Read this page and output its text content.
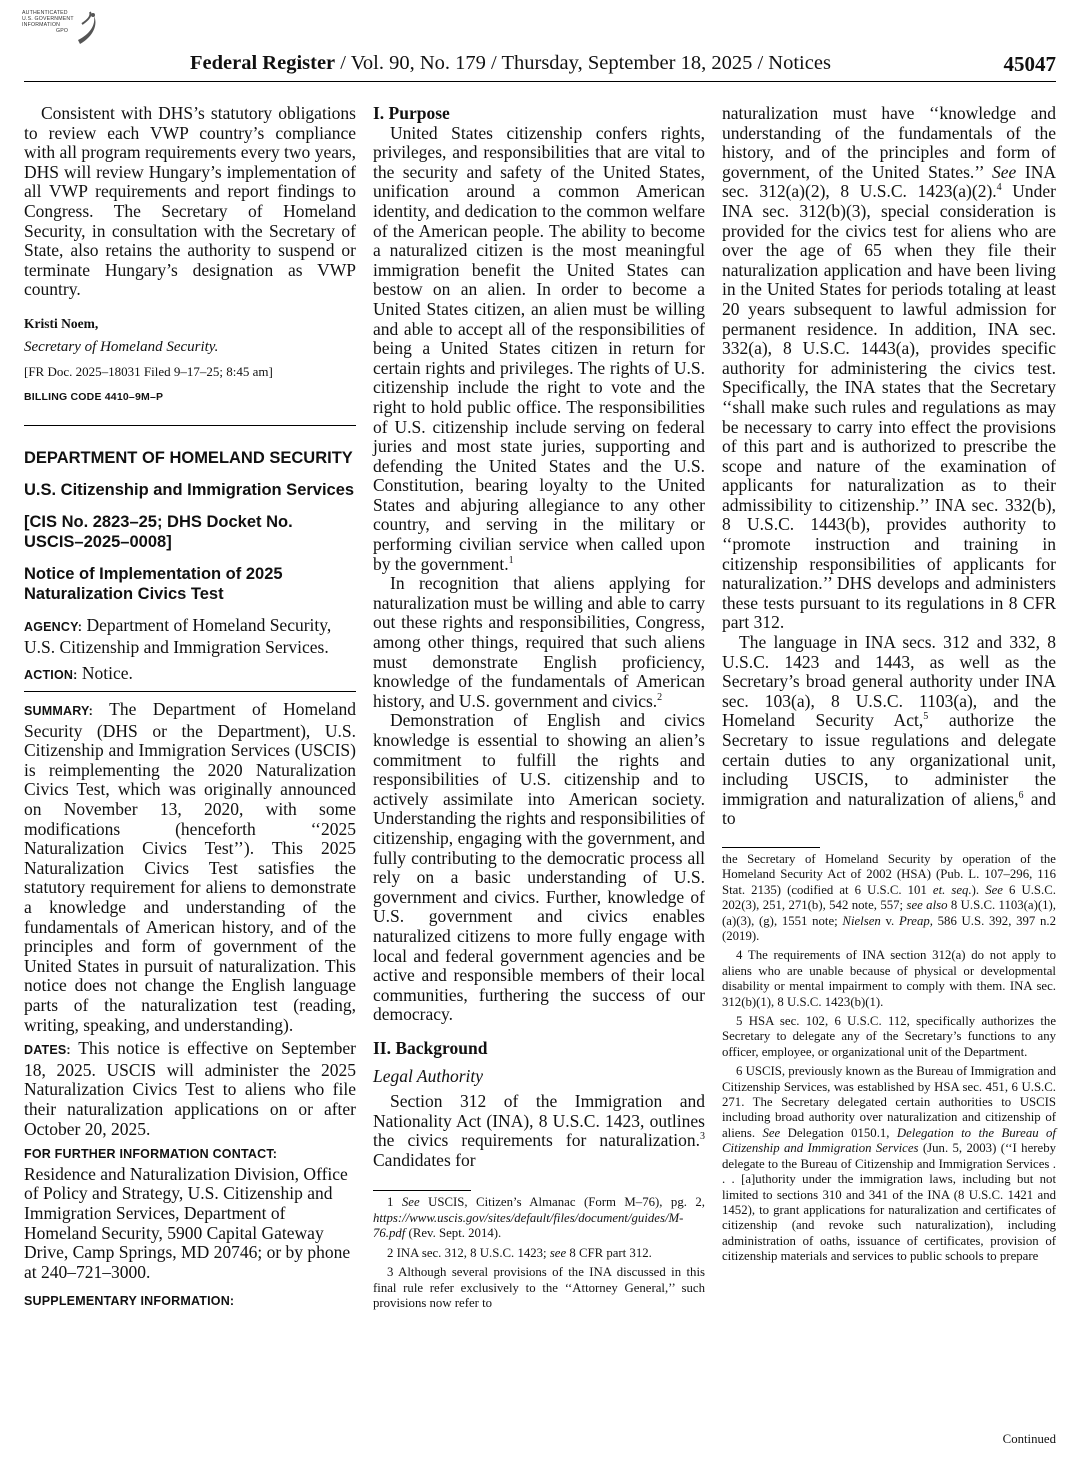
AUTHENTICATED
U.S. GOVERNMENT
INFORMATION
GPO
Federal Register / Vol. 90, No. 179 / Thursday, September 18, 2025 / Notices	45047

Consistent with DHS’s statutory obligations to review each VWP country’s compliance with all program requirements every two years, DHS will review Hungary’s implementation of all VWP requirements and report findings to Congress. The Secretary of Homeland Security, in consultation with the Secretary of State, also retains the authority to suspend or terminate Hungary’s designation as VWP country.

Kristi Noem,
Secretary of Homeland Security.
[FR Doc. 2025–18031 Filed 9–17–25; 8:45 am]
BILLING CODE 4410–9M–P
DEPARTMENT OF HOMELAND SECURITY
U.S. Citizenship and Immigration Services
[CIS No. 2823–25; DHS Docket No. USCIS–2025–0008]
Notice of Implementation of 2025 Naturalization Civics Test

AGENCY: Department of Homeland Security, U.S. Citizenship and Immigration Services.

ACTION: Notice.

SUMMARY: The Department of Homeland Security (DHS or the Department), U.S. Citizenship and Immigration Services (USCIS) is reimplementing the 2020 Naturalization Civics Test, which was originally announced on November 13, 2020, with some modifications (henceforth ‘‘2025 Naturalization Civics Test’’). This 2025 Naturalization Civics Test satisfies the statutory requirement for aliens to demonstrate a knowledge and understanding of the fundamentals of American history, and of the principles and form of government of the United States in pursuit of naturalization. This notice does not change the English language parts of the naturalization test (reading, writing, speaking, and understanding).

DATES: This notice is effective on September 18, 2025. USCIS will administer the 2025 Naturalization Civics Test to aliens who file their naturalization applications on or after October 20, 2025.

FOR FURTHER INFORMATION CONTACT:

Residence and Naturalization Division, Office of Policy and Strategy, U.S. Citizenship and Immigration Services, Department of Homeland Security, 5900 Capital Gateway Drive, Camp Springs, MD 20746; or by phone at 240–721–3000.

SUPPLEMENTARY INFORMATION:
I. Purpose

United States citizenship confers rights, privileges, and responsibilities that are vital to the security and safety of the United States, unification around a common American identity, and dedication to the common welfare of the American people. The ability to become a naturalized citizen is the most meaningful immigration benefit the United States can bestow on an alien. In order to become a United States citizen, an alien must be willing and able to accept all of the responsibilities of being a United States citizen in return for certain rights and privileges. The rights of U.S. citizenship include the right to vote and the right to hold public office. The responsibilities of U.S. citizenship include serving on federal juries and most state juries, supporting and defending the United States and the U.S. Constitution, bearing loyalty to the United States and abjuring allegiance to any other country, and serving in the military or performing civilian service when called upon by the government.$^1$

In recognition that aliens applying for naturalization must be willing and able to carry out these rights and responsibilities, Congress, among other things, required that such aliens must demonstrate English proficiency, knowledge of the fundamentals of American history, and U.S. government and civics.$^2$

Demonstration of English and civics knowledge is essential to showing an alien’s commitment to fulfill the rights and responsibilities of U.S. citizenship and to actively assimilate into American society. Understanding the rights and responsibilities of citizenship, engaging with the government, and fully contributing to the democratic process all rely on a basic understanding of U.S. government and civics. Further, knowledge of U.S. government and civics enables naturalized citizens to more fully engage with local and federal government agencies and be active and responsible members of their local communities, furthering the success of our democracy.

II. Background
Legal Authority

Section 312 of the Immigration and Nationality Act (INA), 8 U.S.C. 1423, outlines the civics requirements for naturalization.$^3$ Candidates for

1 See USCIS, Citizen’s Almanac (Form M–76), pg. 2, https://www.uscis.gov/sites/default/files/document/guides/M-76.pdf (Rev. Sept. 2014).

2 INA sec. 312, 8 U.S.C. 1423; see 8 CFR part 312.

3 Although several provisions of the INA discussed in this final rule refer exclusively to the ‘‘Attorney General,’’ such provisions now refer to

naturalization must have ‘‘knowledge and understanding of the fundamentals of the history, and of the principles and form of government, of the United States.’’ See INA sec. 312(a)(2), 8 U.S.C. 1423(a)(2).$^4$ Under INA sec. 312(b)(3), special consideration is provided for the civics test for aliens who are over the age of 65 when they file their naturalization application and have been living in the United States for periods totaling at least 20 years subsequent to lawful admission for permanent residence. In addition, INA sec. 332(a), 8 U.S.C. 1443(a), provides specific authority for administering the civics test. Specifically, the INA states that the Secretary ‘‘shall make such rules and regulations as may be necessary to carry into effect the provisions of this part and is authorized to prescribe the scope and nature of the examination of applicants for naturalization as to their admissibility to citizenship.’’ INA sec. 332(b), 8 U.S.C. 1443(b), provides authority to ‘‘promote instruction and training in citizenship responsibilities of applicants for naturalization.’’ DHS develops and administers these tests pursuant to its regulations in 8 CFR part 312.

The language in INA secs. 312 and 332, 8 U.S.C. 1423 and 1443, as well as the Secretary’s broad general authority under INA sec. 103(a), 8 U.S.C. 1103(a), and the Homeland Security Act,$^5$ authorize the Secretary to issue regulations and delegate certain duties to any organizational unit, including USCIS, to administer the immigration and naturalization of aliens,$^6$ and to

the Secretary of Homeland Security by operation of the Homeland Security Act of 2002 (HSA) (Pub. L. 107–296, 116 Stat. 2135) (codified at 6 U.S.C. 101 et. seq.). See 6 U.S.C. 202(3), 251, 271(b), 542 note, 557; see also 8 U.S.C. 1103(a)(1), (a)(3), (g), 1551 note; Nielsen v. Preap, 586 U.S. 392, 397 n.2 (2019).

4 The requirements of INA section 312(a) do not apply to aliens who are unable because of physical or developmental disability or mental impairment to comply with them. INA sec. 312(b)(1), 8 U.S.C. 1423(b)(1).

5 HSA sec. 102, 6 U.S.C. 112, specifically authorizes the Secretary to delegate any of the Secretary’s functions to any officer, employee, or organizational unit of the Department.

6 USCIS, previously known as the Bureau of Immigration and Citizenship Services, was established by HSA sec. 451, 6 U.S.C. 271. The Secretary delegated certain authorities to USCIS including broad authority over naturalization and citizenship of aliens. See Delegation 0150.1, Delegation to the Bureau of Citizenship and Immigration Services (Jun. 5, 2003) (‘‘I hereby delegate to the Bureau of Citizenship and Immigration Services . . . [a]uthority under the immigration laws, including but not limited to sections 310 and 341 of the INA (8 U.S.C. 1421 and 1452), to grant applications for naturalization and certificates of citizenship (and revoke such naturalization), including administration of oaths, issuance of certificates, provision of citizenship materials and services to public schools to prepare

Continued
